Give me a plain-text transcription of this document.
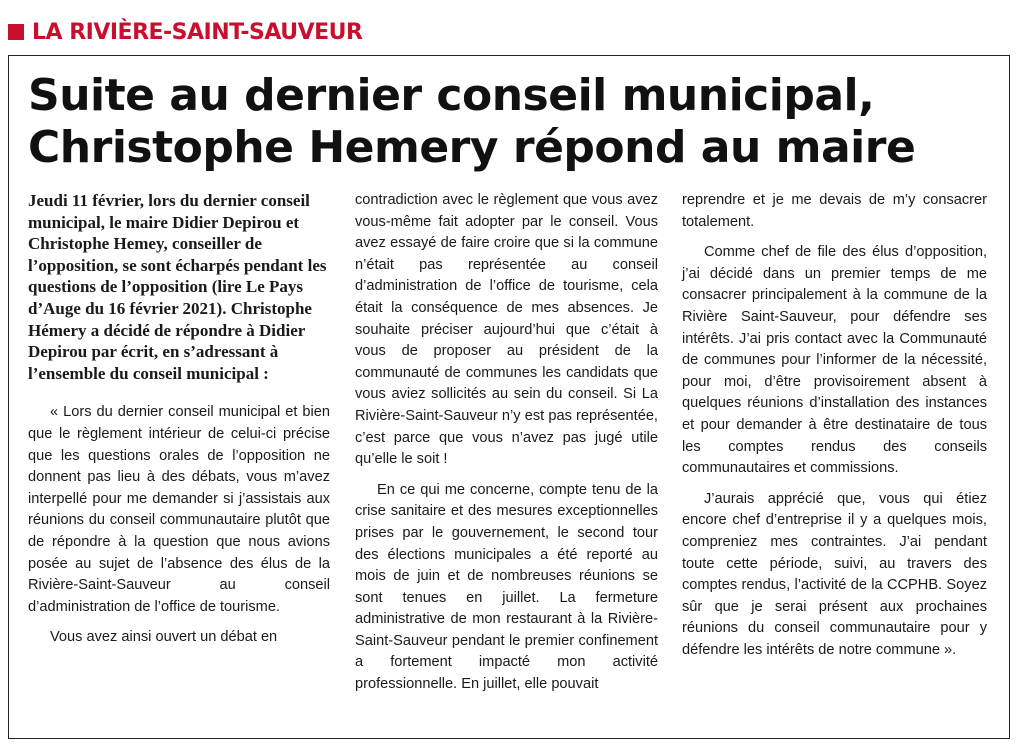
LA RIVIÈRE-SAINT-SAUVEUR
Suite au dernier conseil municipal,
Christophe Hemery répond au maire

Jeudi 11 février, lors du dernier conseil municipal, le maire Didier Depirou et Christophe Hemey, conseiller de l’opposition, se sont écharpés pendant les questions de l’opposition (lire Le Pays d’Auge du 16 février 2021). Christophe Hémery a décidé de répondre à Didier Depirou par écrit, en s’adressant à l’ensemble du conseil municipal :

« Lors du dernier conseil municipal et bien que le règlement intérieur de celui-ci précise que les questions orales de l’opposition ne donnent pas lieu à des débats, vous m’avez interpellé pour me demander si j’assistais aux réunions du conseil communautaire plutôt que de répondre à la question que nous avions posée au sujet de l’absence des élus de la Rivière-Saint-Sauveur au conseil d’administration de l’office de tourisme.

Vous avez ainsi ouvert un débat en

contradiction avec le règlement que vous avez vous-même fait adopter par le conseil. Vous avez essayé de faire croire que si la commune n’était pas représentée au conseil d’administration de l’office de tourisme, cela était la conséquence de mes absences. Je souhaite préciser aujourd’hui que c’était à vous de proposer au président de la communauté de communes les candidats que vous aviez sollicités au sein du conseil. Si La Rivière-Saint-Sauveur n’y est pas représentée, c’est parce que vous n’avez pas jugé utile qu’elle le soit !

En ce qui me concerne, compte tenu de la crise sanitaire et des mesures exceptionnelles prises par le gouvernement, le second tour des élections municipales a été reporté au mois de juin et de nombreuses réunions se sont tenues en juillet. La fermeture administrative de mon restaurant à la Rivière-Saint-Sauveur pendant le premier confinement a fortement impacté mon activité professionnelle. En juillet, elle pouvait

reprendre et je me devais de m’y consacrer totalement.

Comme chef de file des élus d’opposition, j’ai décidé dans un premier temps de me consacrer principalement à la commune de la Rivière Saint-Sauveur, pour défendre ses intérêts. J’ai pris contact avec la Communauté de communes pour l’informer de la nécessité, pour moi, d’être provisoirement absent à quelques réunions d’installation des instances et pour demander à être destinataire de tous les comptes rendus des conseils communautaires et commissions.

J’aurais apprécié que, vous qui étiez encore chef d’entreprise il y a quelques mois, compreniez mes contraintes. J’ai pendant toute cette période, suivi, au travers des comptes rendus, l’activité de la CCPHB. Soyez sûr que je serai présent aux prochaines réunions du conseil communautaire pour y défendre les intérêts de notre commune ».
